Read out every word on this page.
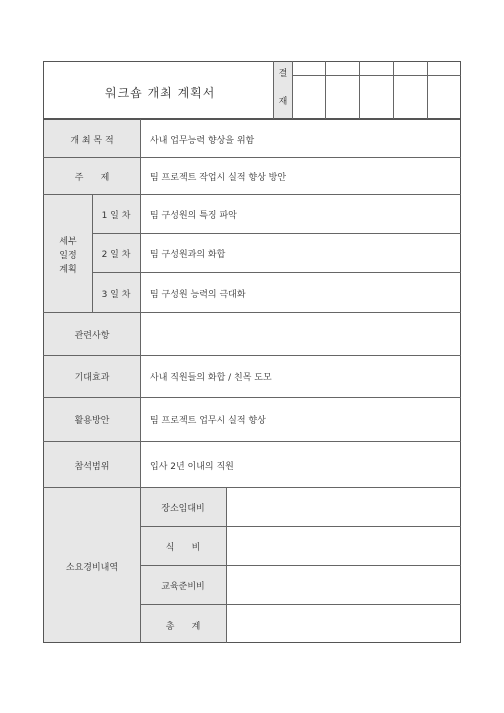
워크숍 개최 계획서
결
재
개 최 목 적	사내 업무능력 향상을 위함
주      제	팀 프로젝트 작업시 실적 향상 방안
세부
일정
계획
1 일 차	팀 구성원의 특징 파악
2 일 차	팀 구성원과의 화합
3 일 차	팀 구성원 능력의 극대화
관련사항
기대효과	사내 직원들의 화합 / 친목 도모
활용방안	팀 프로젝트 업무시 실적 향상
참석범위	입사 2년 이내의 직원
소요경비내역
장소임대비
식      비
교육준비비
총      계
